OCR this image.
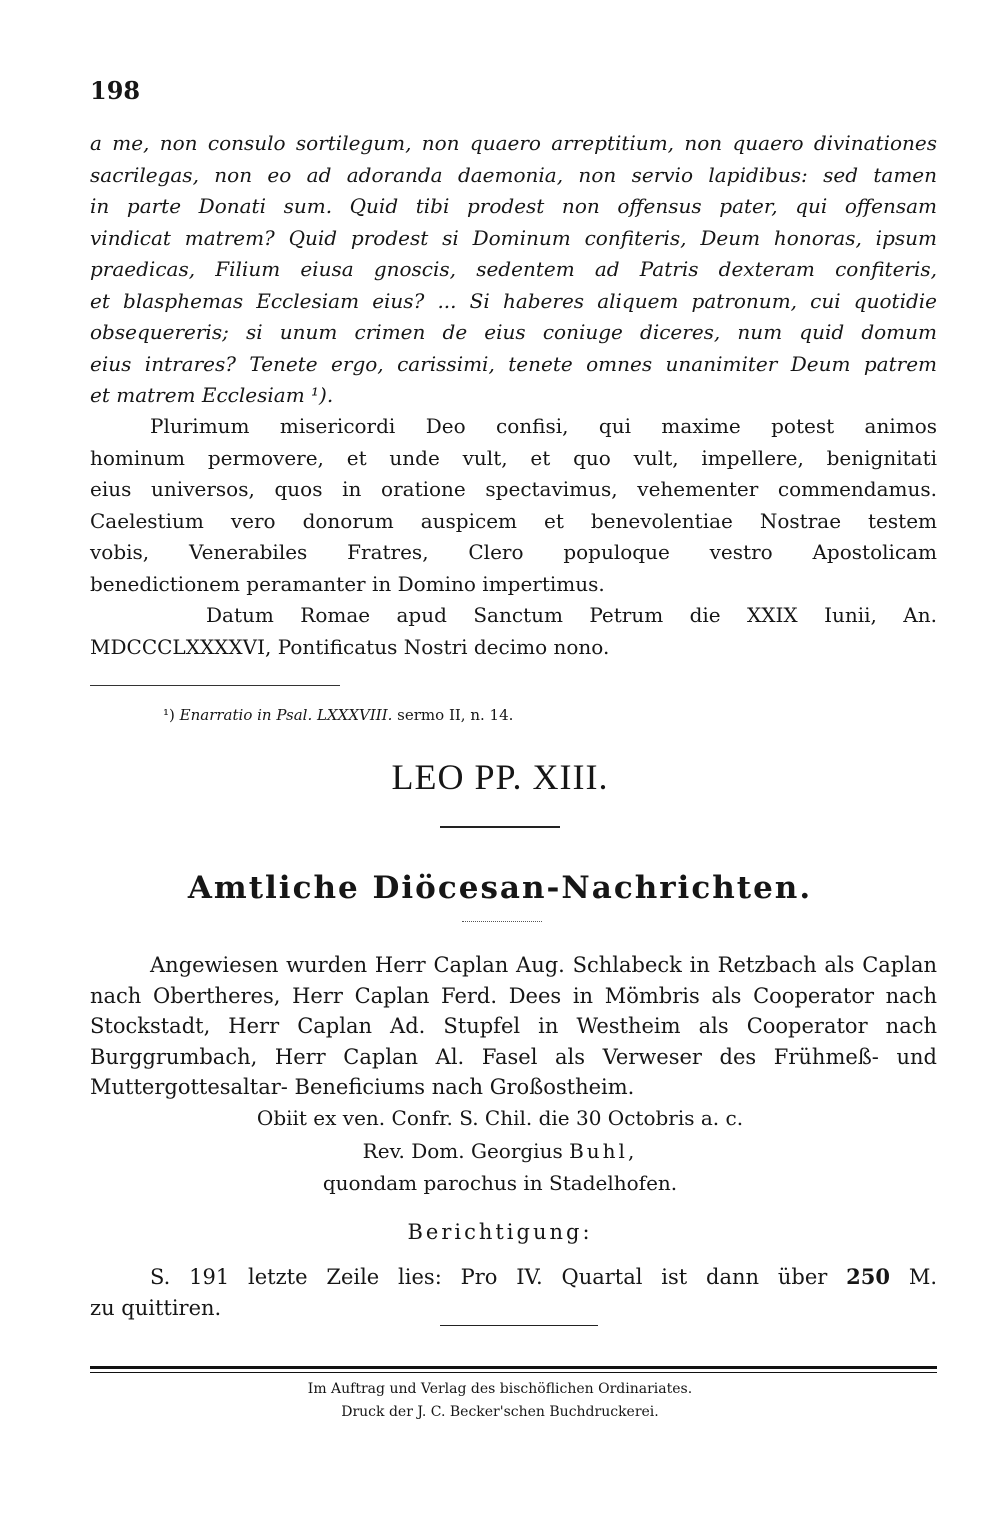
198
a me, non consulo sortilegum, non quaero arreptitium, non quaero divinationes
sacrilegas, non eo ad adoranda daemonia, non servio lapidibus: sed tamen
in parte Donati sum. Quid tibi prodest non offensus pater, qui offensam
vindicat matrem? Quid prodest si Dominum confiteris, Deum honoras, ipsum
praedicas, Filium eiusa gnoscis, sedentem ad Patris dexteram confiteris,
et blasphemas Ecclesiam eius? ... Si haberes aliquem patronum, cui quotidie
obsequereris; si unum crimen de eius coniuge diceres, num quid domum
eius intrares? Tenete ergo, carissimi, tenete omnes unanimiter Deum patrem
et matrem Ecclesiam ¹).
Plurimum misericordi Deo confisi, qui maxime potest animos
hominum permovere, et unde vult, et quo vult, impellere, benignitati
eius universos, quos in oratione spectavimus, vehementer commendamus.
Caelestium vero donorum auspicem et benevolentiae Nostrae testem
vobis, Venerabiles Fratres, Clero populoque vestro Apostolicam
benedictionem peramanter in Domino impertimus.
Datum Romae apud Sanctum Petrum die XXIX Iunii, An.
MDCCCLXXXXVI, Pontificatus Nostri decimo nono.
¹) Enarratio in Psal. LXXXVIII. sermo II, n. 14.
LEO PP. XIII.
Amtliche Diöcesan-Nachrichten.
Angewiesen wurden Herr Caplan Aug. Schlabeck in Retzbach als Caplan
nach Obertheres, Herr Caplan Ferd. Dees in Mömbris als Cooperator nach
Stockstadt, Herr Caplan Ad. Stupfel in Westheim als Cooperator nach
Burggrumbach, Herr Caplan Al. Fasel als Verweser des Frühmeß- und
Muttergottesaltar- Beneficiums nach Großostheim.
Obiit ex ven. Confr. S. Chil. die 30 Octobris a. c.
Rev. Dom. Georgius Buhl,
quondam parochus in Stadelhofen.
Berichtigung:
S. 191 letzte Zeile lies: Pro IV. Quartal ist dann über 250 M.
zu quittiren.
Im Auftrag und Verlag des bischöflichen Ordinariates.
Druck der J. C. Becker'schen Buchdruckerei.
